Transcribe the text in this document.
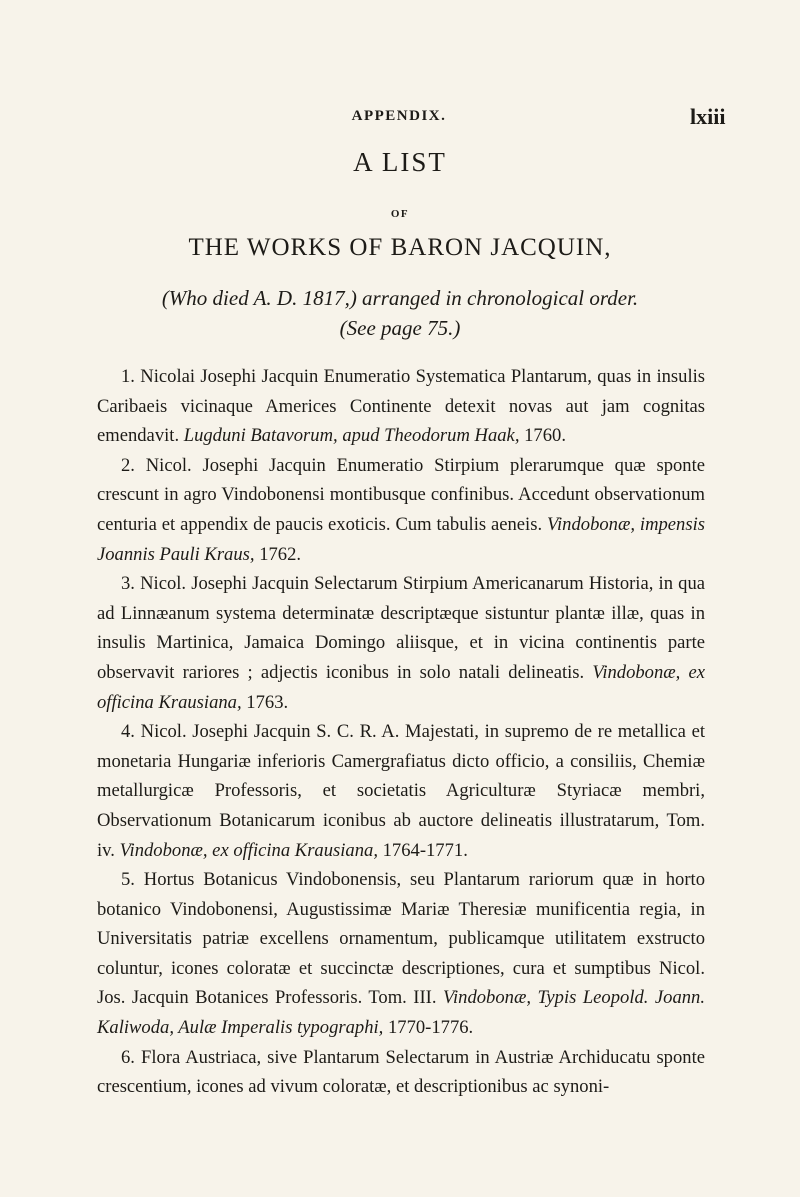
APPENDIX.	lxiii
A LIST
OF
THE WORKS OF BARON JACQUIN,
(Who died A. D. 1817,) arranged in chronological order.
(See page 75.)

1. Nicolai Josephi Jacquin Enumeratio Systematica Plantarum, quas in insulis Caribaeis vicinaque Americes Continente detexit novas aut jam cognitas emendavit. Lugduni Batavorum, apud Theodorum Haak, 1760.

2. Nicol. Josephi Jacquin Enumeratio Stirpium plerarumque quæ sponte crescunt in agro Vindobonensi montibusque confinibus. Accedunt observationum centuria et appendix de paucis exoticis. Cum tabulis aeneis. Vindobonæ, impensis Joannis Pauli Kraus, 1762.

3. Nicol. Josephi Jacquin Selectarum Stirpium Americanarum Historia, in qua ad Linnæanum systema determinatæ descriptæque sistuntur plantæ illæ, quas in insulis Martinica, Jamaica Domingo aliisque, et in vicina continentis parte observavit rariores ; adjectis iconibus in solo natali delineatis. Vindobonæ, ex officina Krausiana, 1763.

4. Nicol. Josephi Jacquin S. C. R. A. Majestati, in supremo de re metallica et monetaria Hungariæ inferioris Camergrafiatus dicto officio, a consiliis, Chemiæ metallurgicæ Professoris, et societatis Agriculturæ Styriacæ membri, Observationum Botanicarum iconibus ab auctore delineatis illustratarum, Tom. iv. Vindobonæ, ex officina Krausiana, 1764-1771.

5. Hortus Botanicus Vindobonensis, seu Plantarum rariorum quæ in horto botanico Vindobonensi, Augustissimæ Mariæ Theresiæ munificentia regia, in Universitatis patriæ excellens ornamentum, publicamque utilitatem exstructo coluntur, icones coloratæ et succinctæ descriptiones, cura et sumptibus Nicol. Jos. Jacquin Botanices Professoris. Tom. III. Vindobonæ, Typis Leopold. Joann. Kaliwoda, Aulæ Imperalis typographi, 1770-1776.

6. Flora Austriaca, sive Plantarum Selectarum in Austriæ Archiducatu sponte crescentium, icones ad vivum coloratæ, et descriptionibus ac synoni-
